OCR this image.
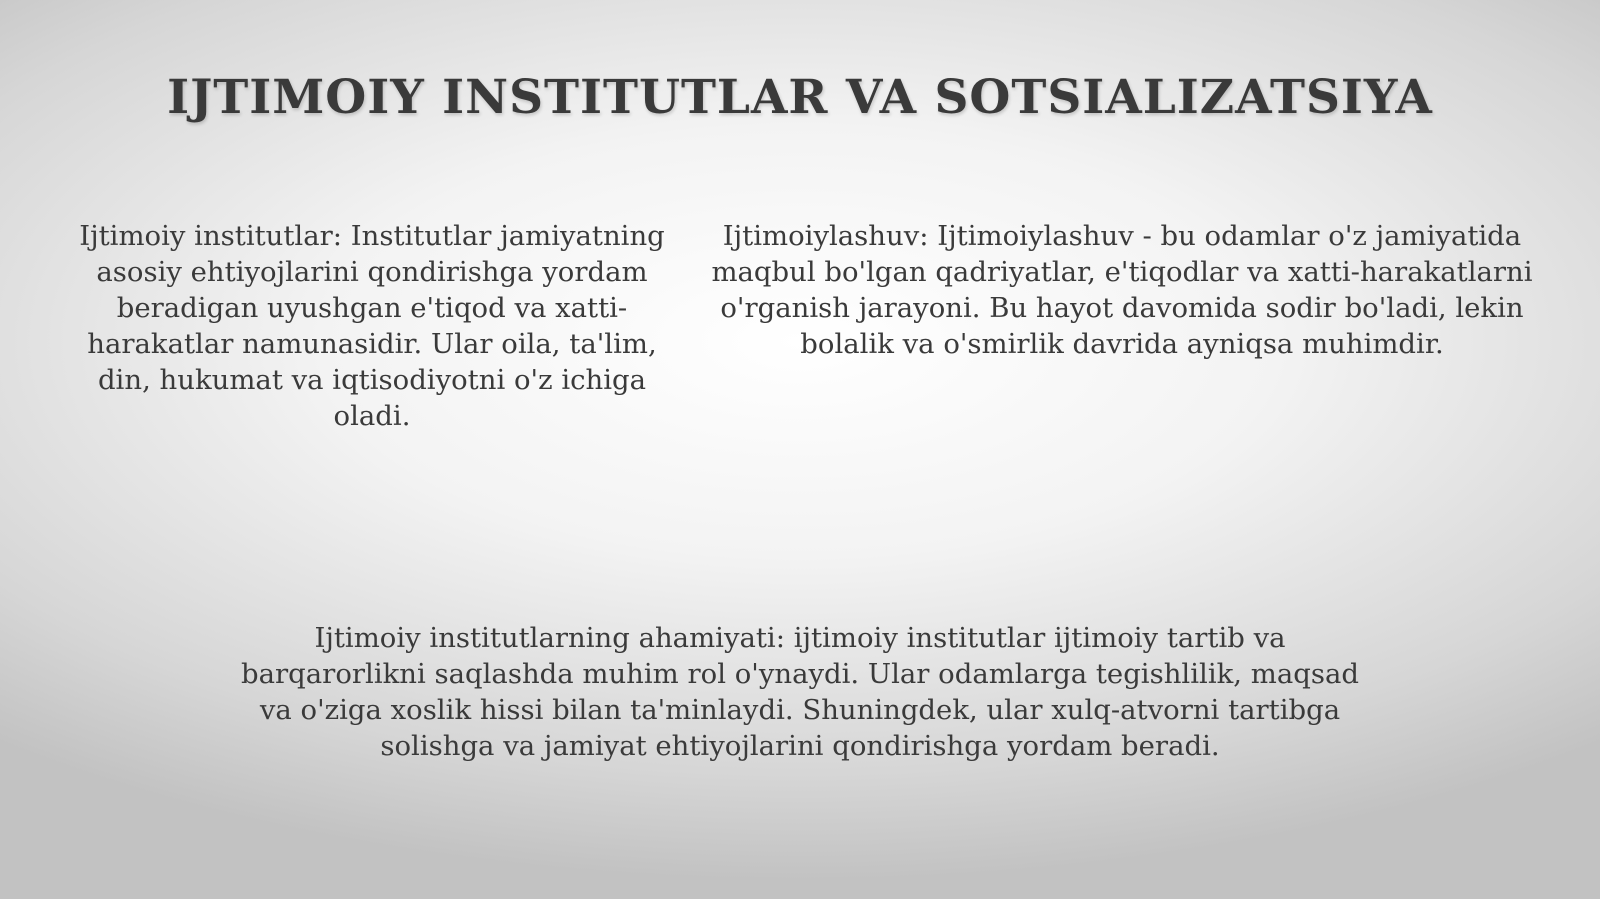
IJTIMOIY INSTITUTLAR VA SOTSIALIZATSIYA

Ijtimoiy institutlar: Institutlar jamiyatning asosiy ehtiyojlarini qondirishga yordam beradigan uyushgan e'tiqod va xatti-harakatlar namunasidir. Ular oila, ta'lim, din, hukumat va iqtisodiyotni o'z ichiga oladi.

Ijtimoiylashuv: Ijtimoiylashuv - bu odamlar o'z jamiyatida maqbul bo'lgan qadriyatlar, e'tiqodlar va xatti-harakatlarni o'rganish jarayoni. Bu hayot davomida sodir bo'ladi, lekin bolalik va o'smirlik davrida ayniqsa muhimdir.

Ijtimoiy institutlarning ahamiyati: ijtimoiy institutlar ijtimoiy tartib va barqarorlikni saqlashda muhim rol o'ynaydi. Ular odamlarga tegishlilik, maqsad va o'ziga xoslik hissi bilan ta'minlaydi. Shuningdek, ular xulq-atvorni tartibga solishga va jamiyat ehtiyojlarini qondirishga yordam beradi.
